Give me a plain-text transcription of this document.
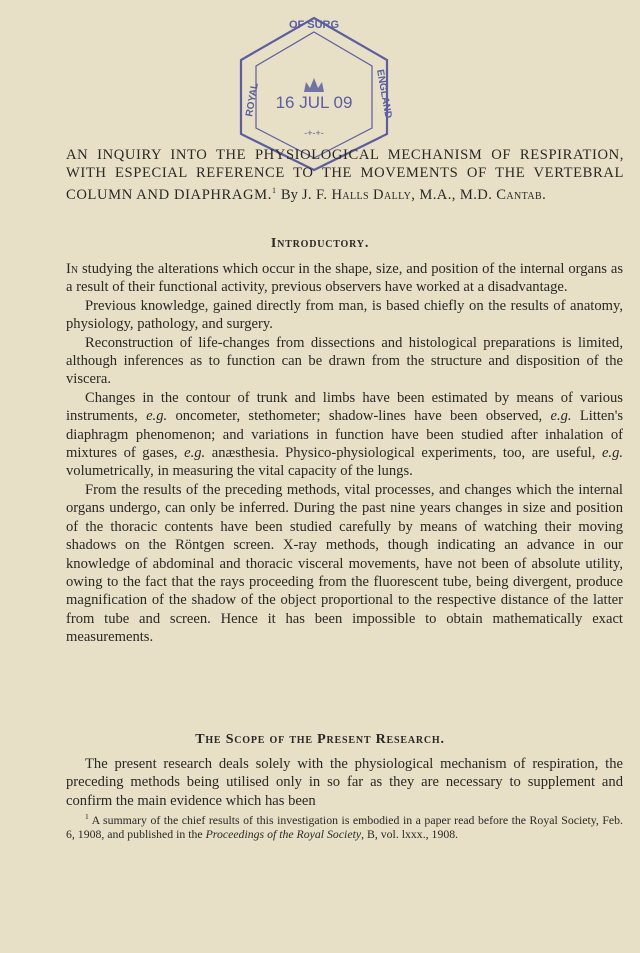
OF SURG
ROYAL	ENGLAND
16 JUL 09
-+-+-

AN INQUIRY INTO THE PHYSIOLOGICAL MECHANISM OF RESPIRATION, WITH ESPECIAL REFERENCE TO THE MOVEMENTS OF THE VERTEBRAL COLUMN AND DIAPHRAGM.$^1$ By J. F. Halls Dally, M.A., M.D. Cantab.

Introductory.

In studying the alterations which occur in the shape, size, and position of the internal organs as a result of their functional activity, previous observers have worked at a disadvantage.

Previous knowledge, gained directly from man, is based chiefly on the results of anatomy, physiology, pathology, and surgery.

Reconstruction of life-changes from dissections and histological preparations is limited, although inferences as to function can be drawn from the structure and disposition of the viscera.

Changes in the contour of trunk and limbs have been estimated by means of various instruments, e.g. oncometer, stethometer; shadow-lines have been observed, e.g. Litten's diaphragm phenomenon; and variations in function have been studied after inhalation of mixtures of gases, e.g. anæsthesia. Physico-physiological experiments, too, are useful, e.g. volumetrically, in measuring the vital capacity of the lungs.

From the results of the preceding methods, vital processes, and changes which the internal organs undergo, can only be inferred. During the past nine years changes in size and position of the thoracic contents have been studied carefully by means of watching their moving shadows on the Röntgen screen. X-ray methods, though indicating an advance in our knowledge of abdominal and thoracic visceral movements, have not been of absolute utility, owing to the fact that the rays proceeding from the fluorescent tube, being divergent, produce magnification of the shadow of the object proportional to the respective distance of the latter from tube and screen. Hence it has been impossible to obtain mathematically exact measurements.

The Scope of the Present Research.

The present research deals solely with the physiological mechanism of respiration, the preceding methods being utilised only in so far as they are necessary to supplement and confirm the main evidence which has been

$^1$ A summary of the chief results of this investigation is embodied in a paper read before the Royal Society, Feb. 6, 1908, and published in the Proceedings of the Royal Society, B, vol. lxxx., 1908.
